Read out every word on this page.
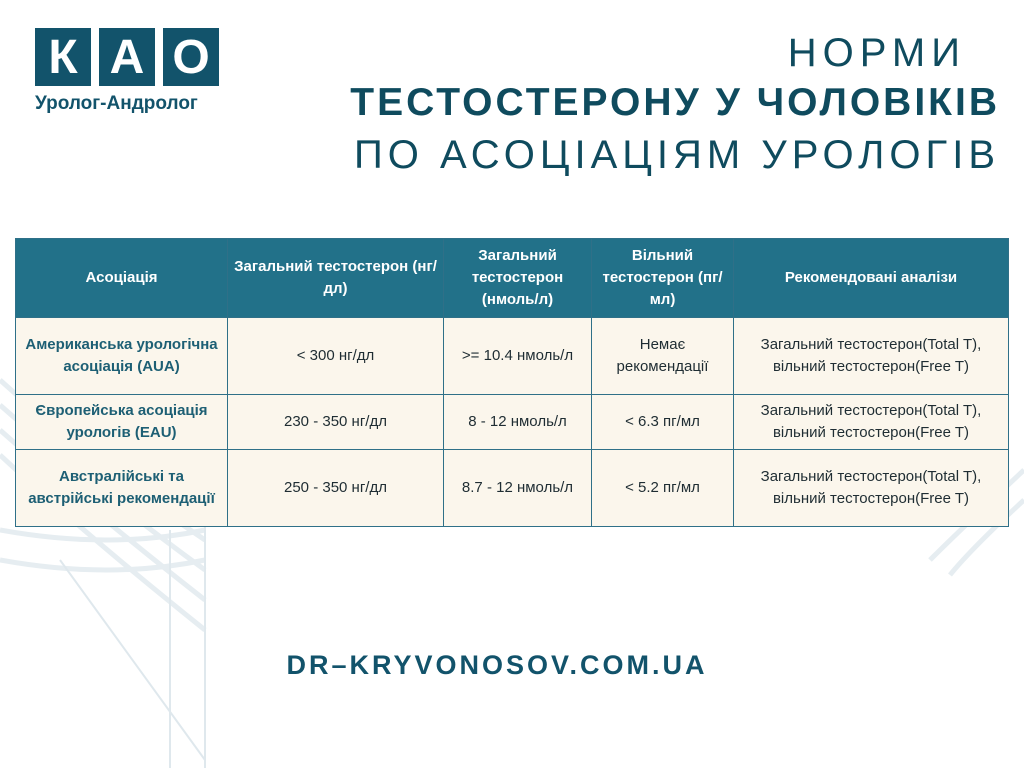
К А О
Уролог-Андролог
НОРМИ
ТЕСТОСТЕРОНУ У ЧОЛОВІКІВ
ПО АСОЦІАЦІЯМ УРОЛОГІВ
Асоціація	Загальний тестостерон (нг/дл)	Загальний тестостерон (нмоль/л)	Вільний тестостерон (пг/мл)	Рекомендовані аналізи
Американська урологічна асоціація (AUA)	< 300 нг/дл	>= 10.4 нмоль/л	Немає рекомендації	Загальний тестостерон(Total T), вільний тестостерон(Free T)
Європейська асоціація урологів (EAU)	230 - 350 нг/дл	8 - 12 нмоль/л	< 6.3 пг/мл	Загальний тестостерон(Total T), вільний тестостерон(Free T)
Австралійські та австрійські рекомендації	250 - 350 нг/дл	8.7 - 12 нмоль/л	< 5.2 пг/мл	Загальний тестостерон(Total T), вільний тестостерон(Free T)
DR–KRYVONOSOV.COM.UA
